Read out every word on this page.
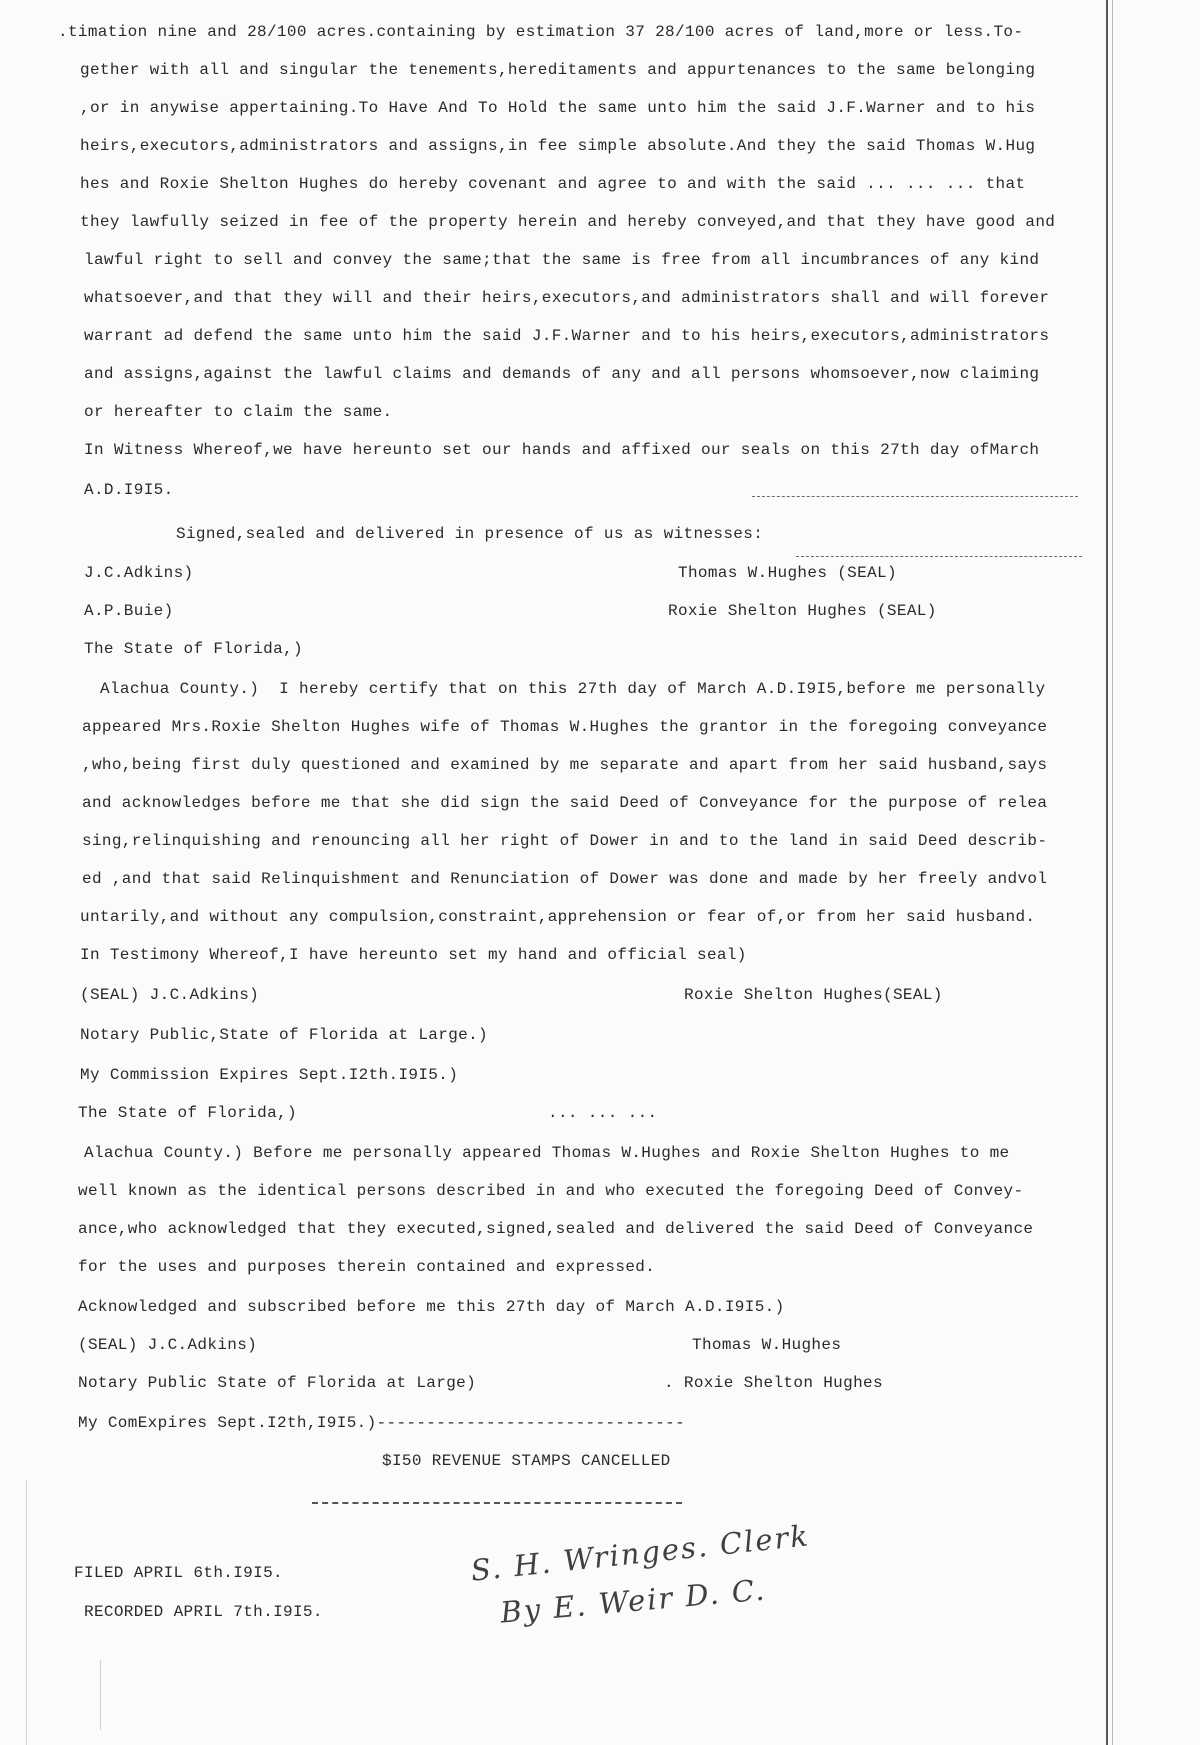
.timation nine and 28/100 acres.containing by estimation 37 28/100 acres of land,more or less.To-
gether with all and singular the tenements,hereditaments and appurtenances to the same belonging
,or in anywise appertaining.To Have And To Hold the same unto him the said J.F.Warner and to his
heirs,executors,administrators and assigns,in fee simple absolute.And they the said Thomas W.Hug
hes and Roxie Shelton Hughes do hereby covenant and agree to and with the said ... ... ... that
they lawfully seized in fee of the property herein and hereby conveyed,and that they have good and
lawful right to sell and convey the same;that the same is free from all incumbrances of any kind
whatsoever,and that they will and their heirs,executors,and administrators shall and will forever
warrant ad defend the same unto him the said J.F.Warner and to his heirs,executors,administrators
and assigns,against the lawful claims and demands of any and all persons whomsoever,now claiming
or hereafter to claim the same.
In Witness Whereof,we have hereunto set our hands and affixed our seals on this 27th day ofMarch
A.D.I9I5.
Signed,sealed and delivered in presence of us as witnesses:
J.C.Adkins)	Thomas W.Hughes (SEAL)
A.P.Buie)	Roxie Shelton Hughes (SEAL)
The State of Florida,)
Alachua County.)  I hereby certify that on this 27th day of March A.D.I9I5,before me personally
appeared Mrs.Roxie Shelton Hughes wife of Thomas W.Hughes the grantor in the foregoing conveyance
,who,being first duly questioned and examined by me separate and apart from her said husband,says
and acknowledges before me that she did sign the said Deed of Conveyance for the purpose of relea
sing,relinquishing and renouncing all her right of Dower in and to the land in said Deed describ-
ed ,and that said Relinquishment and Renunciation of Dower was done and made by her freely andvol
untarily,and without any compulsion,constraint,apprehension or fear of,or from her said husband.
In Testimony Whereof,I have hereunto set my hand and official seal)
(SEAL) J.C.Adkins)	Roxie Shelton Hughes(SEAL)
Notary Public,State of Florida at Large.)
My Commission Expires Sept.I2th.I9I5.)
The State of Florida,)	... ... ...
Alachua County.) Before me personally appeared Thomas W.Hughes and Roxie Shelton Hughes to me
well known as the identical persons described in and who executed the foregoing Deed of Convey-
ance,who acknowledged that they executed,signed,sealed and delivered the said Deed of Conveyance
for the uses and purposes therein contained and expressed.
Acknowledged and subscribed before me this 27th day of March A.D.I9I5.)
(SEAL) J.C.Adkins)	Thomas W.Hughes
Notary Public State of Florida at Large)	. Roxie Shelton Hughes
My ComExpires Sept.I2th,I9I5.)-------------------------------
$I50 REVENUE STAMPS CANCELLED
FILED APRIL 6th.I9I5.
RECORDED APRIL 7th.I9I5.
S. H. Wringes. Clerk
By E. Weir D. C.
